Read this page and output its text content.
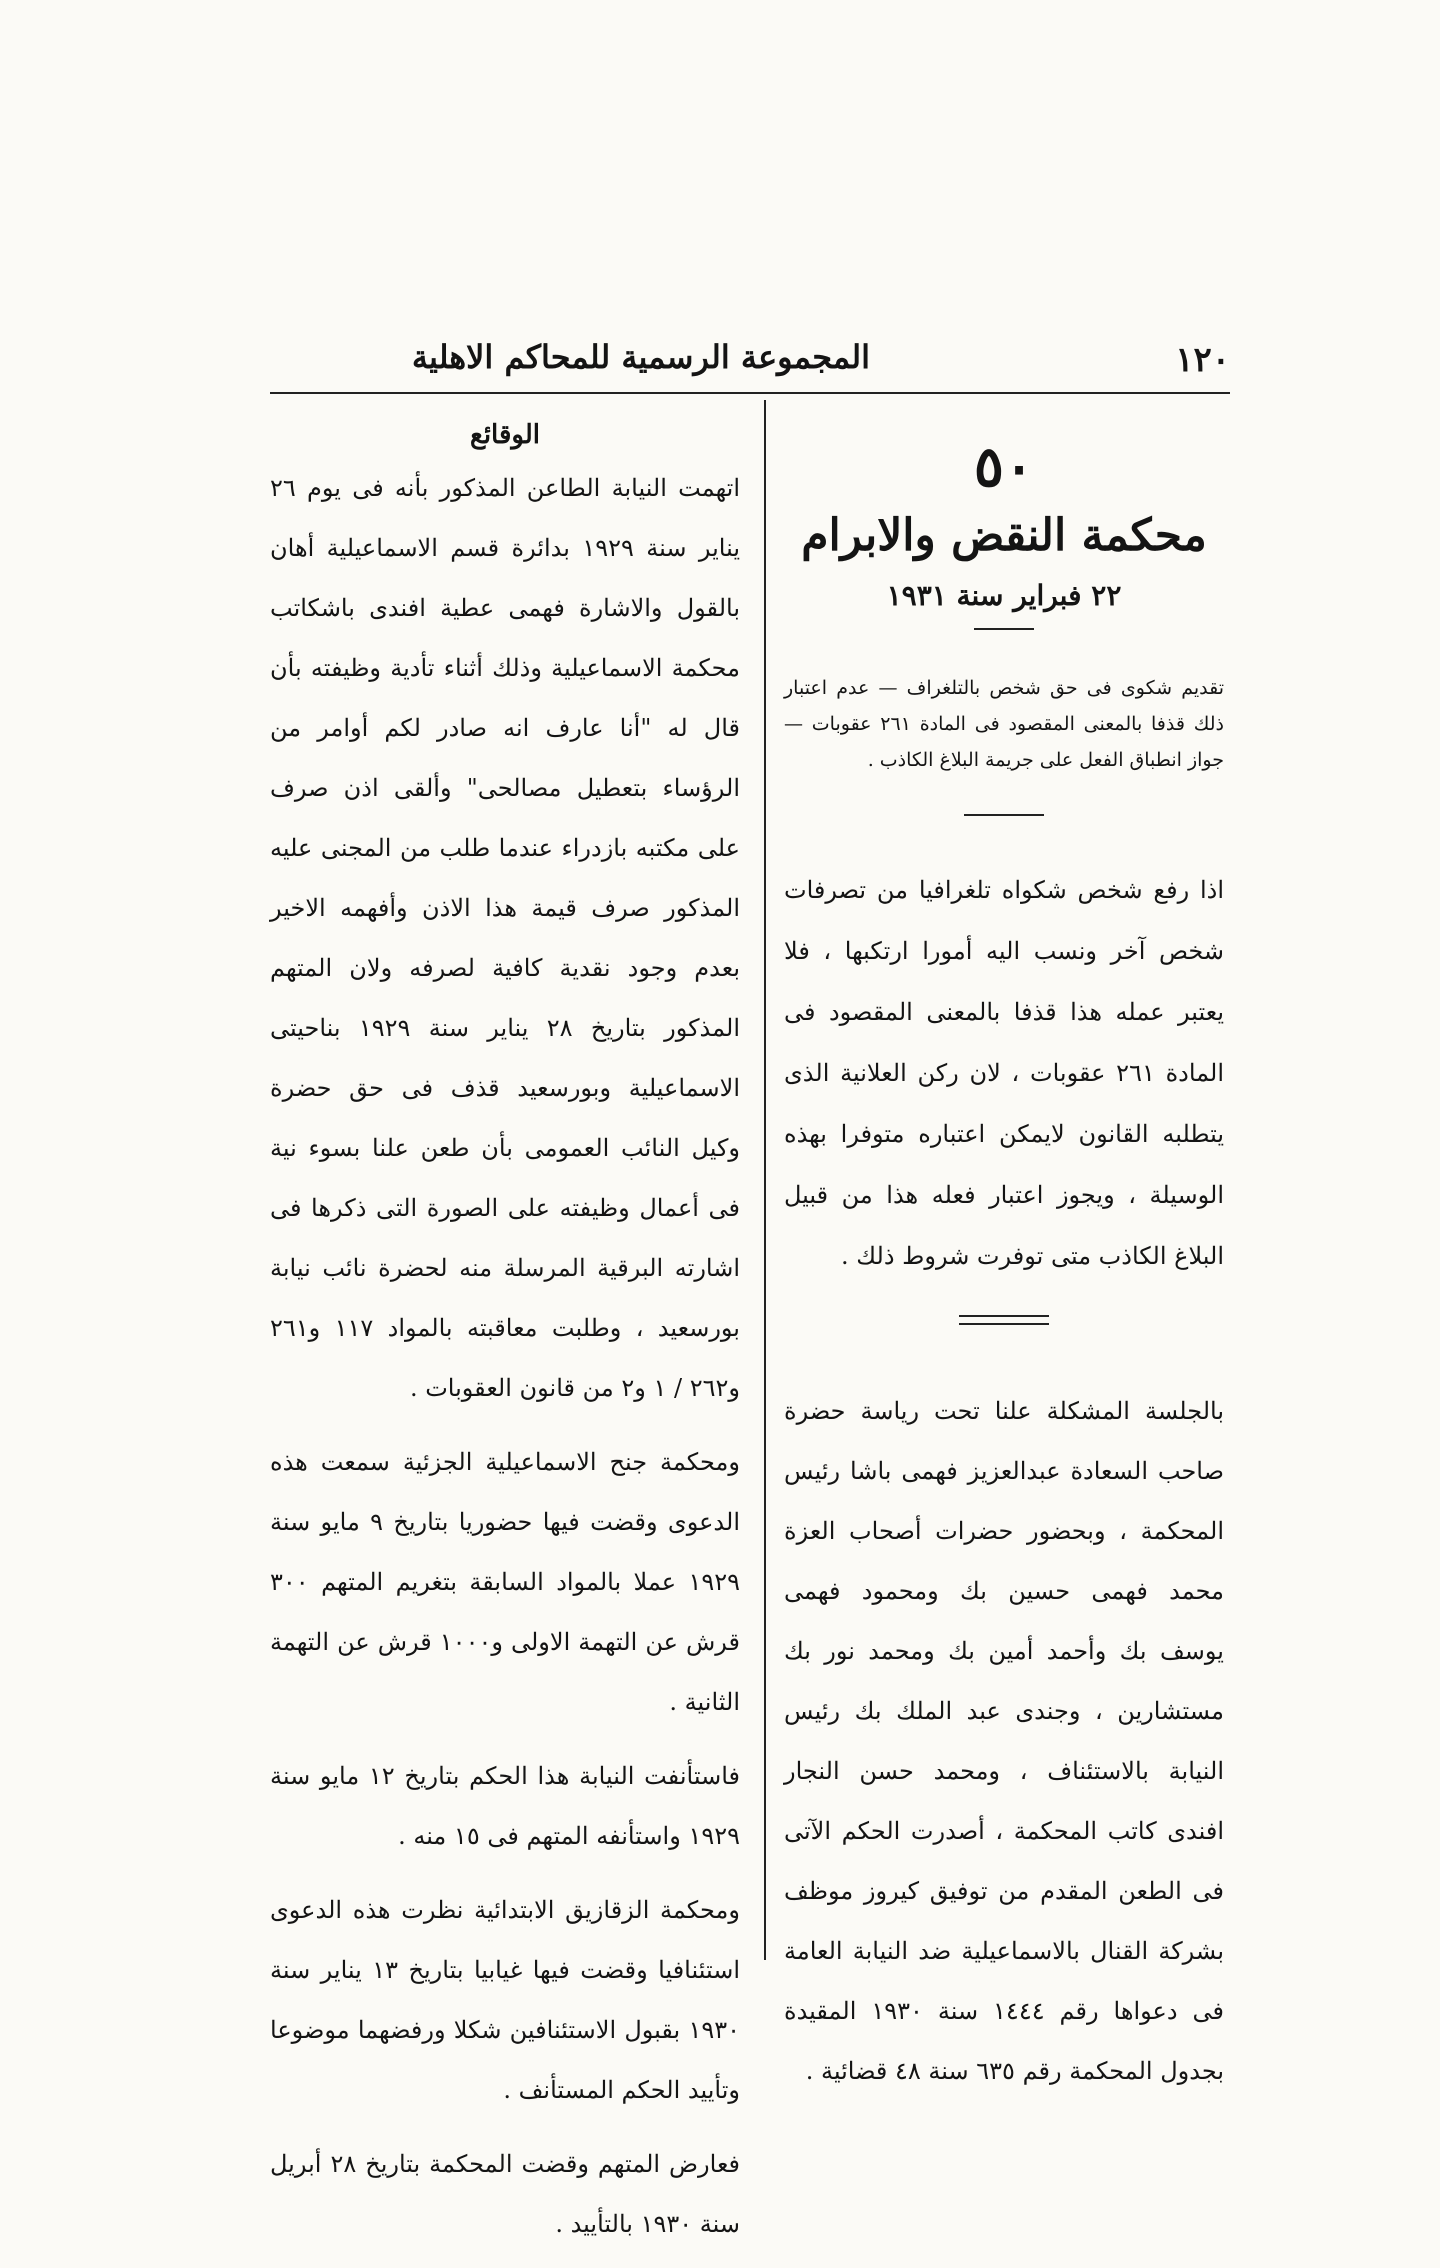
١٢٠
المجموعة الرسمية للمحاكم الاهلية
٥٠
محكمة النقض والابرام
٢٢ فبراير سنة ١٩٣١

تقديم شكوى فى حق شخص بالتلغراف — عدم اعتبار ذلك قذفا بالمعنى المقصود فى المادة ٢٦١ عقوبات — جواز انطباق الفعل على جريمة البلاغ الكاذب .

اذا رفع شخص شكواه تلغرافيا من تصرفات شخص آخر ونسب اليه أمورا ارتكبها ، فلا يعتبر عمله هذا قذفا بالمعنى المقصود فى المادة ٢٦١ عقوبات ، لان ركن العلانية الذى يتطلبه القانون لايمكن اعتباره متوفرا بهذه الوسيلة ، ويجوز اعتبار فعله هذا من قبيل البلاغ الكاذب متى توفرت شروط ذلك .

بالجلسة المشكلة علنا تحت رياسة حضرة صاحب السعادة عبدالعزيز فهمى باشا رئيس المحكمة ، وبحضور حضرات أصحاب العزة محمد فهمى حسين بك ومحمود فهمى يوسف بك وأحمد أمين بك ومحمد نور بك مستشارين ، وجندى عبد الملك بك رئيس النيابة بالاستئناف ، ومحمد حسن النجار افندى كاتب المحكمة ، أصدرت الحكم الآتى فى الطعن المقدم من توفيق كيروز موظف بشركة القنال بالاسماعيلية ضد النيابة العامة فى دعواها رقم ١٤٤٤ سنة ١٩٣٠ المقيدة بجدول المحكمة رقم ٦٣٥ سنة ٤٨ قضائية .

الوقائع

اتهمت النيابة الطاعن المذكور بأنه فى يوم ٢٦ يناير سنة ١٩٢٩ بدائرة قسم الاسماعيلية أهان بالقول والاشارة فهمى عطية افندى باشكاتب محكمة الاسماعيلية وذلك أثناء تأدية وظيفته بأن قال له "أنا عارف انه صادر لكم أوامر من الرؤساء بتعطيل مصالحى" وألقى اذن صرف على مكتبه بازدراء عندما طلب من المجنى عليه المذكور صرف قيمة هذا الاذن وأفهمه الاخير بعدم وجود نقدية كافية لصرفه ولان المتهم المذكور بتاريخ ٢٨ يناير سنة ١٩٢٩ بناحيتى الاسماعيلية وبورسعيد قذف فى حق حضرة وكيل النائب العمومى بأن طعن علنا بسوء نية فى أعمال وظيفته على الصورة التى ذكرها فى اشارته البرقية المرسلة منه لحضرة نائب نيابة بورسعيد ، وطلبت معاقبته بالمواد ١١٧ و٢٦١ و٢٦٢ / ١ و٢ من قانون العقوبات .

ومحكمة جنح الاسماعيلية الجزئية سمعت هذه الدعوى وقضت فيها حضوريا بتاريخ ٩ مايو سنة ١٩٢٩ عملا بالمواد السابقة بتغريم المتهم ٣٠٠ قرش عن التهمة الاولى و١٠٠٠ قرش عن التهمة الثانية .

فاستأنفت النيابة هذا الحكم بتاريخ ١٢ مايو سنة ١٩٢٩ واستأنفه المتهم فى ١٥ منه .

ومحكمة الزقازيق الابتدائية نظرت هذه الدعوى استئنافيا وقضت فيها غيابيا بتاريخ ١٣ يناير سنة ١٩٣٠ بقبول الاستئنافين شكلا ورفضهما موضوعا وتأييد الحكم المستأنف .

فعارض المتهم وقضت المحكمة بتاريخ ٢٨ أبريل سنة ١٩٣٠ بالتأييد .
